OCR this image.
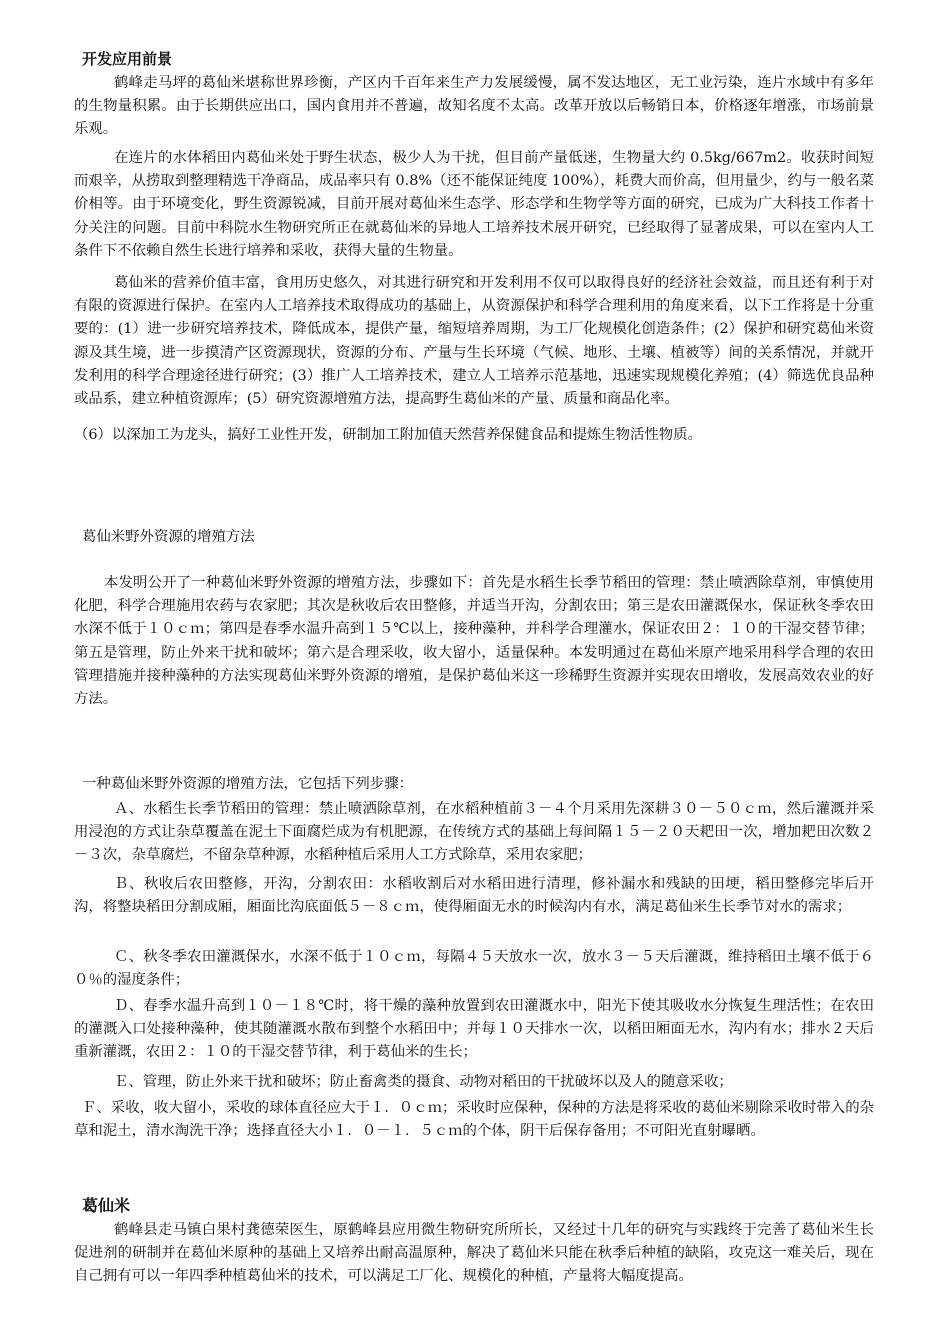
开发应用前景

鹤峰走马坪的葛仙米堪称世界珍衡，产区内千百年来生产力发展缓慢，属不发达地区，无工业污染，连片水域中有多年的生物量积累。由于长期供应出口，国内食用并不普遍，故知名度不太高。改革开放以后畅销日本，价格逐年增涨，市场前景乐观。

在连片的水体稻田内葛仙米处于野生状态，极少人为干扰，但目前产量低迷，生物量大约 0.5kg/667m2。收获时间短而艰辛，从捞取到整理精选干净商品，成品率只有 0.8%（还不能保证纯度 100%），耗费大而价高，但用量少，约与一般名菜价相等。由于环境变化，野生资源锐减，目前开展对葛仙米生态学、形态学和生物学等方面的研究，已成为广大科技工作者十分关注的问题。目前中科院水生物研究所正在就葛仙米的异地人工培养技术展开研究，已经取得了显著成果，可以在室内人工条件下不依赖自然生长进行培养和采收，获得大量的生物量。

葛仙米的营养价值丰富，食用历史悠久，对其进行研究和开发利用不仅可以取得良好的经济社会效益，而且还有利于对有限的资源进行保护。在室内人工培养技术取得成功的基础上，从资源保护和科学合理利用的角度来看，以下工作将是十分重要的：(1）进一步研究培养技术，降低成本，提供产量，缩短培养周期，为工厂化规模化创造条件；(2）保护和研究葛仙米资源及其生境，进一步摸清产区资源现状，资源的分布、产量与生长环境（气候、地形、土壤、植被等）间的关系情况，并就开发利用的科学合理途径进行研究；(3）推广人工培养技术，建立人工培养示范基地，迅速实现规模化养殖；(4）筛选优良品种或品系，建立种植资源库；(5）研究资源增殖方法，提高野生葛仙米的产量、质量和商品化率。

（6）以深加工为龙头，搞好工业性开发，研制加工附加值天然营养保健食品和提炼生物活性物质。

葛仙米野外资源的增殖方法

本发明公开了一种葛仙米野外资源的增殖方法，步骤如下：首先是水稻生长季节稻田的管理：禁止喷洒除草剂，审慎使用化肥，科学合理施用农药与农家肥；其次是秋收后农田整修，并适当开沟，分割农田；第三是农田灌溉保水，保证秋冬季农田水深不低于１０ｃｍ；第四是春季水温升高到１５℃以上，接种藻种，并科学合理灌水，保证农田２：１０的干湿交替节律；第五是管理，防止外来干扰和破坏；第六是合理采收，收大留小，适量保种。本发明通过在葛仙米原产地采用科学合理的农田管理措施并接种藻种的方法实现葛仙米野外资源的增殖，是保护葛仙米这一珍稀野生资源并实现农田增收，发展高效农业的好方法。

一种葛仙米野外资源的增殖方法，它包括下列步骤：

Ａ、水稻生长季节稻田的管理：禁止喷洒除草剂，在水稻种植前３－４个月采用先深耕３０－５０ｃｍ，然后灌溉并采用浸泡的方式让杂草覆盖在泥土下面腐烂成为有机肥源，在传统方式的基础上每间隔１５－２０天耙田一次，增加耙田次数２－３次，杂草腐烂，不留杂草种源，水稻种植后采用人工方式除草，采用农家肥；

Ｂ、秋收后农田整修，开沟，分割农田：水稻收割后对水稻田进行清理，修补漏水和残缺的田埂，稻田整修完毕后开沟，将整块稻田分割成厢，厢面比沟底面低５－８ｃｍ，使得厢面无水的时候沟内有水，满足葛仙米生长季节对水的需求；

Ｃ、秋冬季农田灌溉保水，水深不低于１０ｃｍ，每隔４５天放水一次，放水３－５天后灌溉，维持稻田土壤不低于６０％的湿度条件；

Ｄ、春季水温升高到１０－１８℃时，将干燥的藻种放置到农田灌溉水中，阳光下使其吸收水分恢复生理活性；在农田的灌溉入口处接种藻种，使其随灌溉水散布到整个水稻田中；并每１０天排水一次，以稻田厢面无水，沟内有水；排水２天后重新灌溉，农田２：１０的干湿交替节律，利于葛仙米的生长；

Ｅ、管理，防止外来干扰和破坏；防止畜禽类的摄食、动物对稻田的干扰破坏以及人的随意采收；

Ｆ、采收，收大留小，采收的球体直径应大于１．０ｃｍ；采收时应保种，保种的方法是将采收的葛仙米剔除采收时带入的杂草和泥土，清水淘洗干净；选择直径大小１．０－１．５ｃｍ的个体，阴干后保存备用；不可阳光直射曝晒。

葛仙米

鹤峰县走马镇白果村龚德荣医生，原鹤峰县应用微生物研究所所长，又经过十几年的研究与实践终于完善了葛仙米生长促进剂的研制并在葛仙米原种的基础上又培养出耐高温原种，解决了葛仙米只能在秋季后种植的缺陷，攻克这一难关后，现在自己拥有可以一年四季种植葛仙米的技术，可以满足工厂化、规模化的种植，产量将大幅度提高。
